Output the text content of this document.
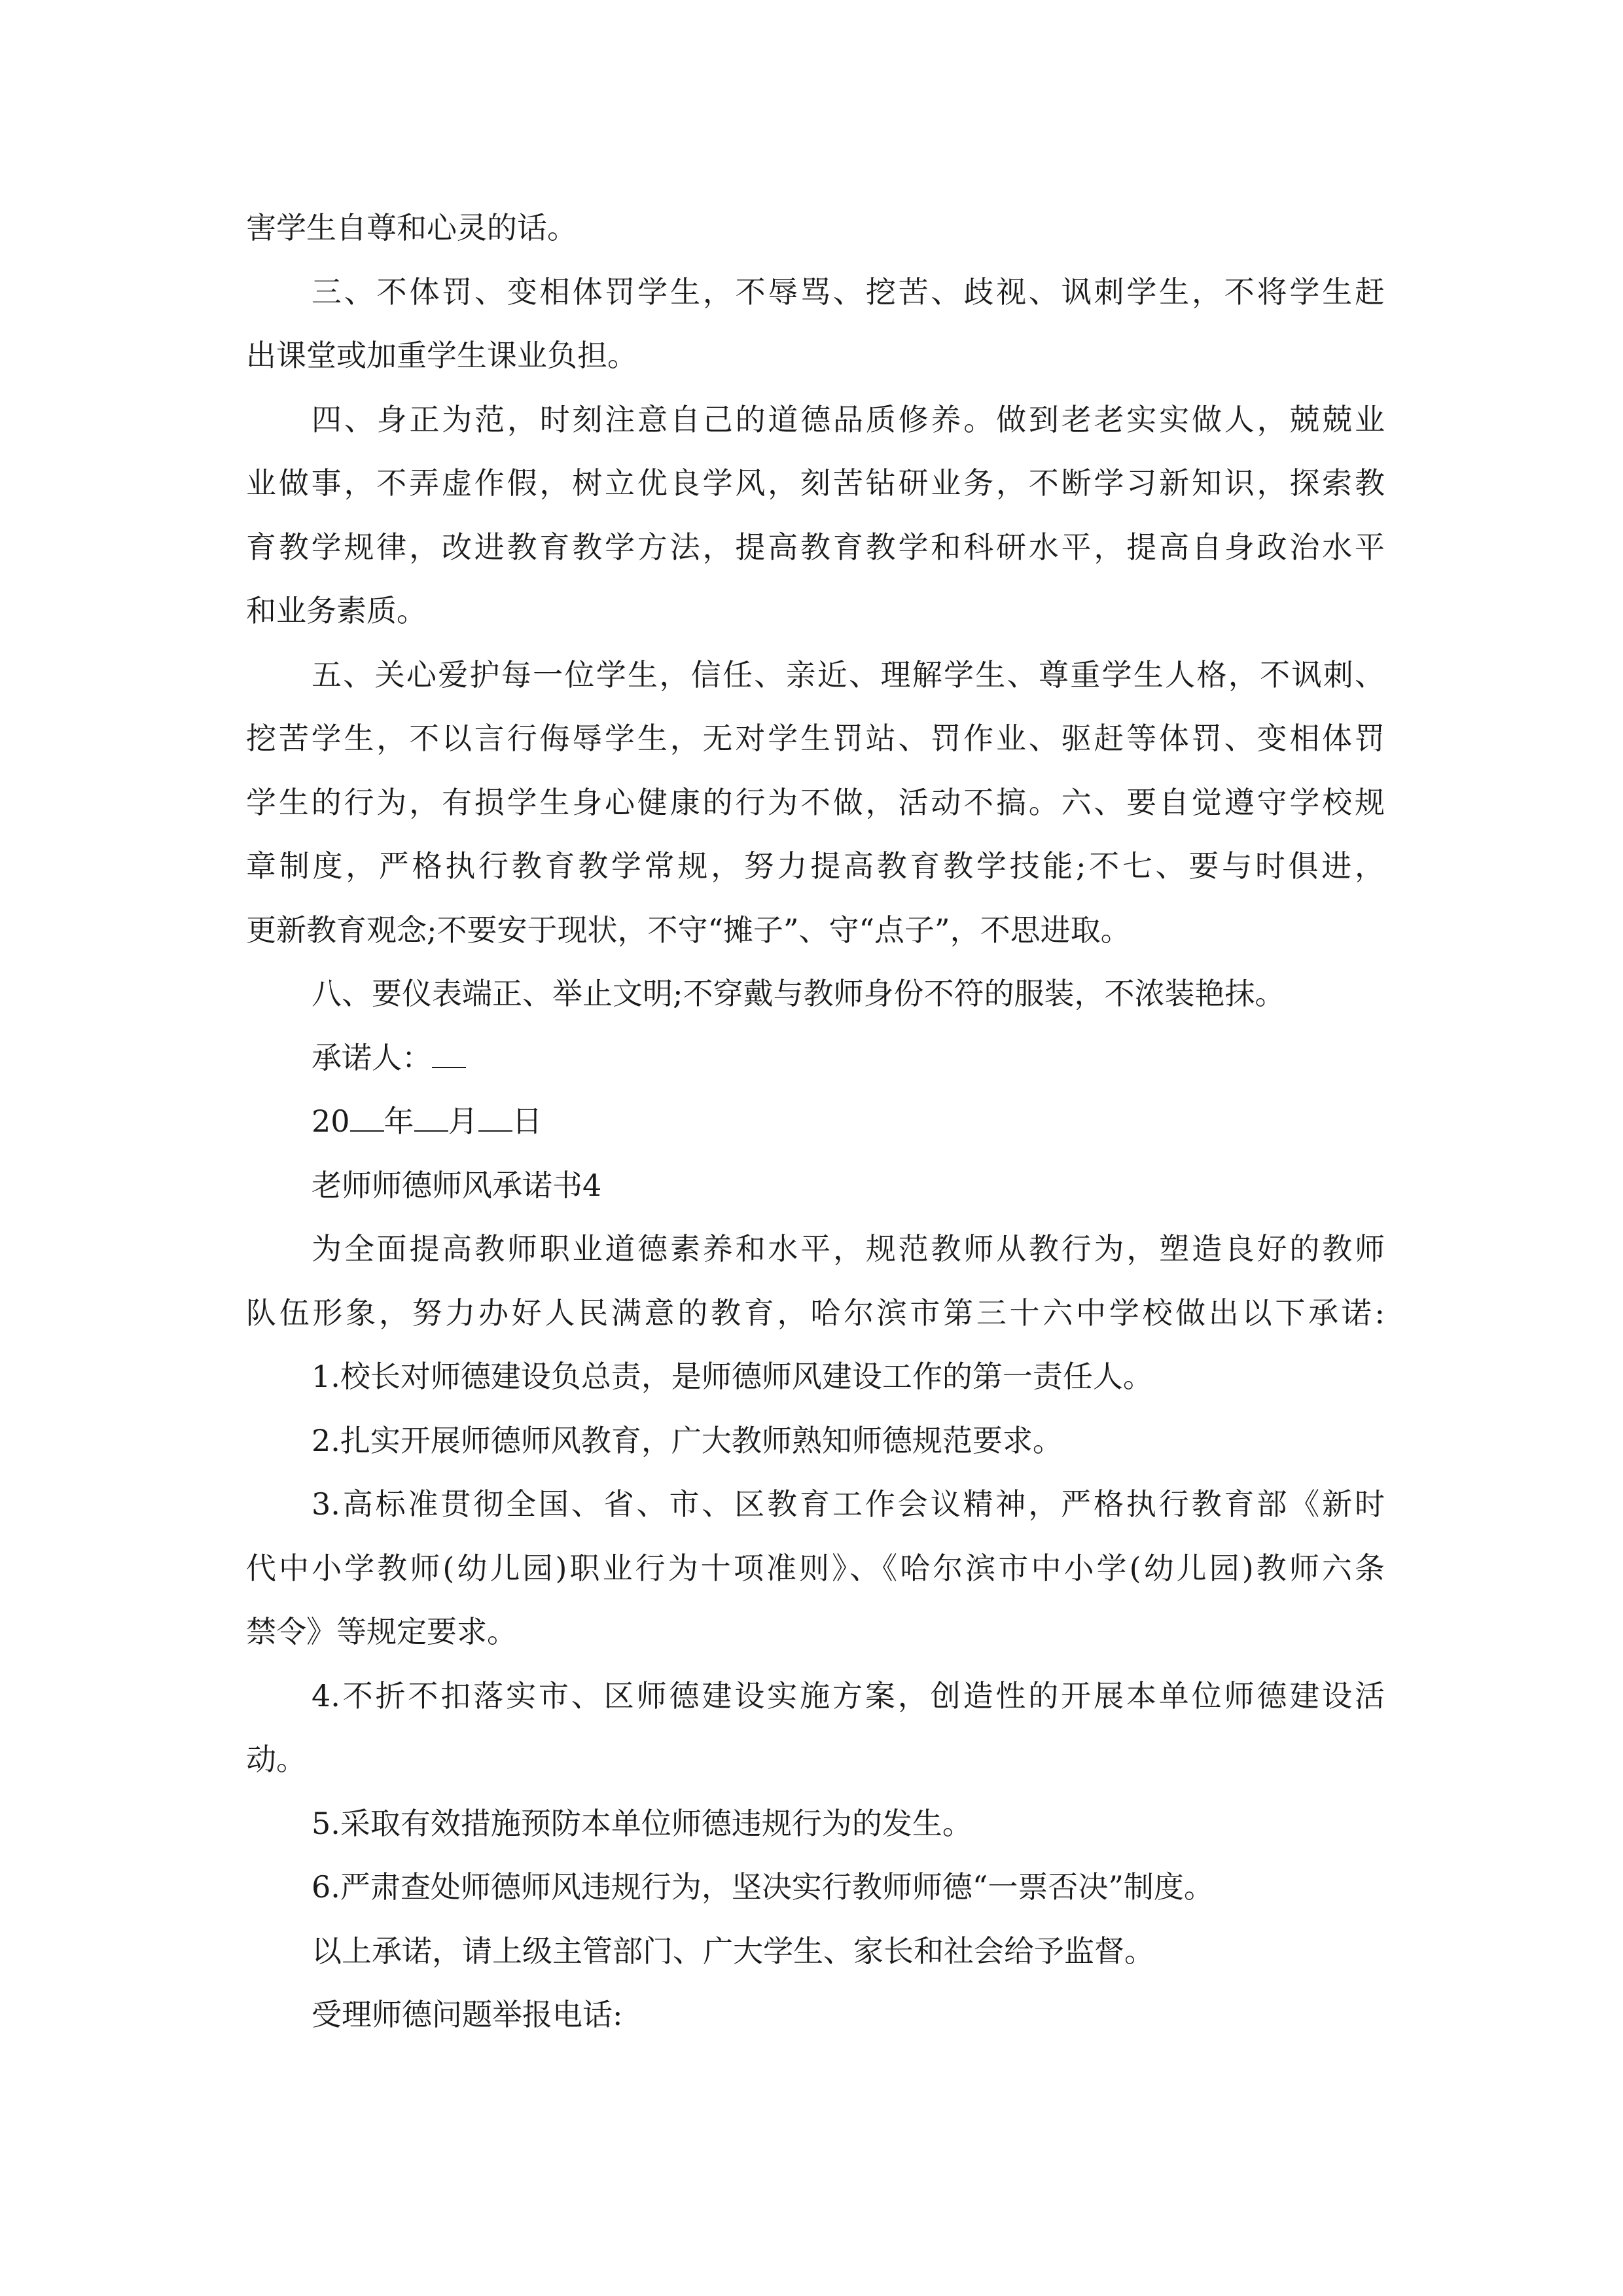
害学生自尊和心灵的话。
三、不体罚、变相体罚学生，不辱骂、挖苦、歧视、讽刺学生，不将学生赶
出课堂或加重学生课业负担。
四、身正为范，时刻注意自己的道德品质修养。做到老老实实做人，兢兢业
业做事，不弄虚作假，树立优良学风，刻苦钻研业务，不断学习新知识，探索教
育教学规律，改进教育教学方法，提高教育教学和科研水平，提高自身政治水平
和业务素质。
五、关心爱护每一位学生，信任、亲近、理解学生、尊重学生人格，不讽刺、
挖苦学生，不以言行侮辱学生，无对学生罚站、罚作业、驱赶等体罚、变相体罚
学生的行为，有损学生身心健康的行为不做，活动不搞。六、要自觉遵守学校规
章制度，严格执行教育教学常规，努力提高教育教学技能;不七、要与时俱进，
更新教育观念;不要安于现状，不守“摊子”、守“点子”，不思进取。
八、要仪表端正、举止文明;不穿戴与教师身份不符的服装，不浓装艳抹。
承诺人：
20 年 月 日
老师师德师风承诺书4
为全面提高教师职业道德素养和水平，规范教师从教行为，塑造良好的教师
队伍形象，努力办好人民满意的教育，哈尔滨市第三十六中学校做出以下承诺:
1.校长对师德建设负总责，是师德师风建设工作的第一责任人。
2.扎实开展师德师风教育，广大教师熟知师德规范要求。
3.高标准贯彻全国、省、市、区教育工作会议精神，严格执行教育部《新时
代中小学教师(幼儿园)职业行为十项准则》、《哈尔滨市中小学(幼儿园)教师六条
禁令》等规定要求。
4.不折不扣落实市、区师德建设实施方案，创造性的开展本单位师德建设活
动。
5.采取有效措施预防本单位师德违规行为的发生。
6.严肃查处师德师风违规行为，坚决实行教师师德“一票否决”制度。
以上承诺，请上级主管部门、广大学生、家长和社会给予监督。
受理师德问题举报电话:
